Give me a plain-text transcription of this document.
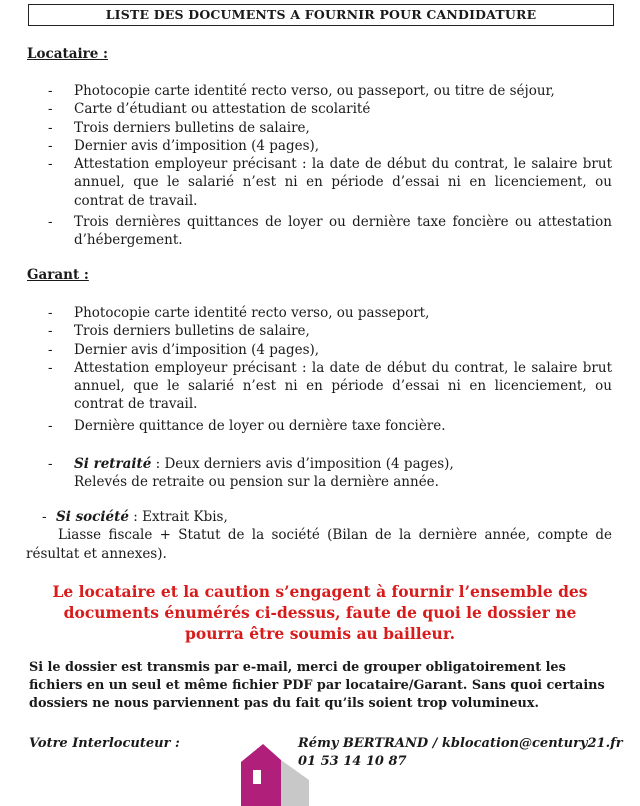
LISTE DES DOCUMENTS A FOURNIR POUR CANDIDATURE
Locataire :
- Photocopie carte identité recto verso, ou passeport, ou titre de séjour,
- Carte d’étudiant ou attestation de scolarité
- Trois derniers bulletins de salaire,
- Dernier avis d’imposition (4 pages),
- Attestation employeur précisant : la date de début du contrat, le salaire brut annuel, que le salarié n’est ni en période d’essai ni en licenciement, ou contrat de travail.
- Trois dernières quittances de loyer ou dernière taxe foncière ou attestation d’hébergement.
Garant :
- Photocopie carte identité recto verso, ou passeport,
- Trois derniers bulletins de salaire,
- Dernier avis d’imposition (4 pages),
- Attestation employeur précisant : la date de début du contrat, le salaire brut annuel, que le salarié n’est ni en période d’essai ni en licenciement, ou contrat de travail.
- Dernière quittance de loyer ou dernière taxe foncière.
- Si retraité : Deux derniers avis d’imposition (4 pages),
Relevés de retraite ou pension sur la dernière année.
- Si société : Extrait Kbis,
Liasse fiscale + Statut de la société (Bilan de la dernière année, compte de résultat et annexes).
Le locataire et la caution s’engagent à fournir l’ensemble des documents énumérés ci-dessus, faute de quoi le dossier ne pourra être soumis au bailleur.
Si le dossier est transmis par e-mail, merci de grouper obligatoirement les fichiers en un seul et même fichier PDF par locataire/Garant. Sans quoi certains dossiers ne nous parviennent pas du fait qu’ils soient trop volumineux.
Votre Interlocuteur :	Rémy BERTRAND / kblocation@century21.fr
01 53 14 10 87
